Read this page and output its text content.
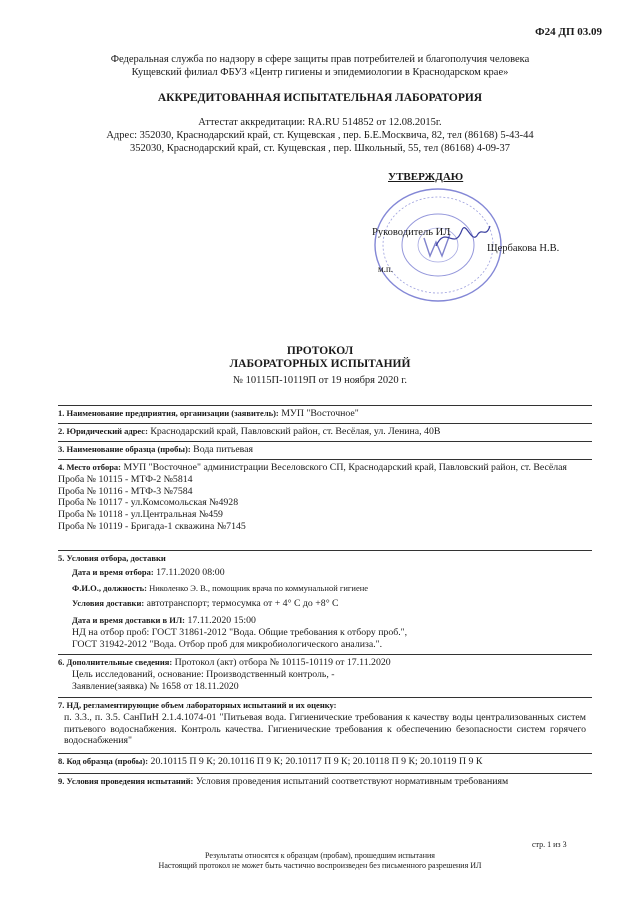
Ф24 ДП 03.09
Федеральная служба по надзору в сфере защиты прав потребителей и благополучия человека
Кущевский филиал ФБУЗ «Центр гигиены и эпидемиологии в Краснодарском крае»
АККРЕДИТОВАННАЯ ИСПЫТАТЕЛЬНАЯ ЛАБОРАТОРИЯ
Аттестат аккредитации: RA.RU 514852 от 12.08.2015г.
Адрес: 352030, Краснодарский край, ст. Кущевская , пер. Б.Е.Москвича, 82, тел (86168) 5-43-44
352030, Краснодарский край, ст. Кущевская , пер. Школьный, 55, тел (86168) 4-09-37
УТВЕРЖДАЮ
Руководитель ИЛ
Щербакова Н.В.
м.п.
ПРОТОКОЛ
ЛАБОРАТОРНЫХ ИСПЫТАНИЙ
№ 10115П-10119П от 19 ноября 2020 г.
1. Наименование предприятия, организации (заявитель): МУП "Восточное"
2. Юридический адрес: Краснодарский край, Павловский район, ст. Весёлая, ул. Ленина, 40В
3. Наименование образца (пробы): Вода питьевая
4. Место отбора: МУП "Восточное" администрации Веселовского СП, Краснодарский край, Павловский район, ст. Весёлая
Проба № 10115 - МТФ-2 №5814
Проба № 10116 - МТФ-3 №7584
Проба № 10117 - ул.Комсомольская №4928
Проба № 10118 - ул.Центральная №459
Проба № 10119 - Бригада-1 скважина №7145
5. Условия отбора, доставки
Дата и время отбора: 17.11.2020 08:00
Ф.И.О., должность: Николенко Э. В., помощник врача по коммунальной гигиене
Условия доставки: автотранспорт; термосумка от + 4° С до +8° С
Дата и время доставки в ИЛ: 17.11.2020 15:00
НД на отбор проб: ГОСТ 31861-2012 "Вода. Общие требования к отбору проб.",
ГОСТ 31942-2012 "Вода. Отбор проб для микробиологического анализа.".
6. Дополнительные сведения: Протокол (акт) отбора № 10115-10119 от 17.11.2020
Цель исследований, основание: Производственный контроль, -
Заявление(заявка) № 1658 от 18.11.2020
7. НД, регламентирующие объем лабораторных испытаний и их оценку:
п. 3.3., п. 3.5. СанПиН 2.1.4.1074-01 "Питьевая вода. Гигиенические требования к качеству воды централизованных систем питьевого водоснабжения. Контроль качества. Гигиенические требования к обеспечению безопасности систем горячего водоснабжения"
8. Код образца (пробы): 20.10115 П 9 К; 20.10116 П 9 К; 20.10117 П 9 К; 20.10118 П 9 К; 20.10119 П 9 К
9. Условия проведения испытаний: Условия проведения испытаний соответствуют нормативным требованиям
стр. 1 из 3
Результаты относятся к образцам (пробам), прошедшим испытания
Настоящий протокол не может быть частично воспроизведен без письменного разрешения ИЛ
